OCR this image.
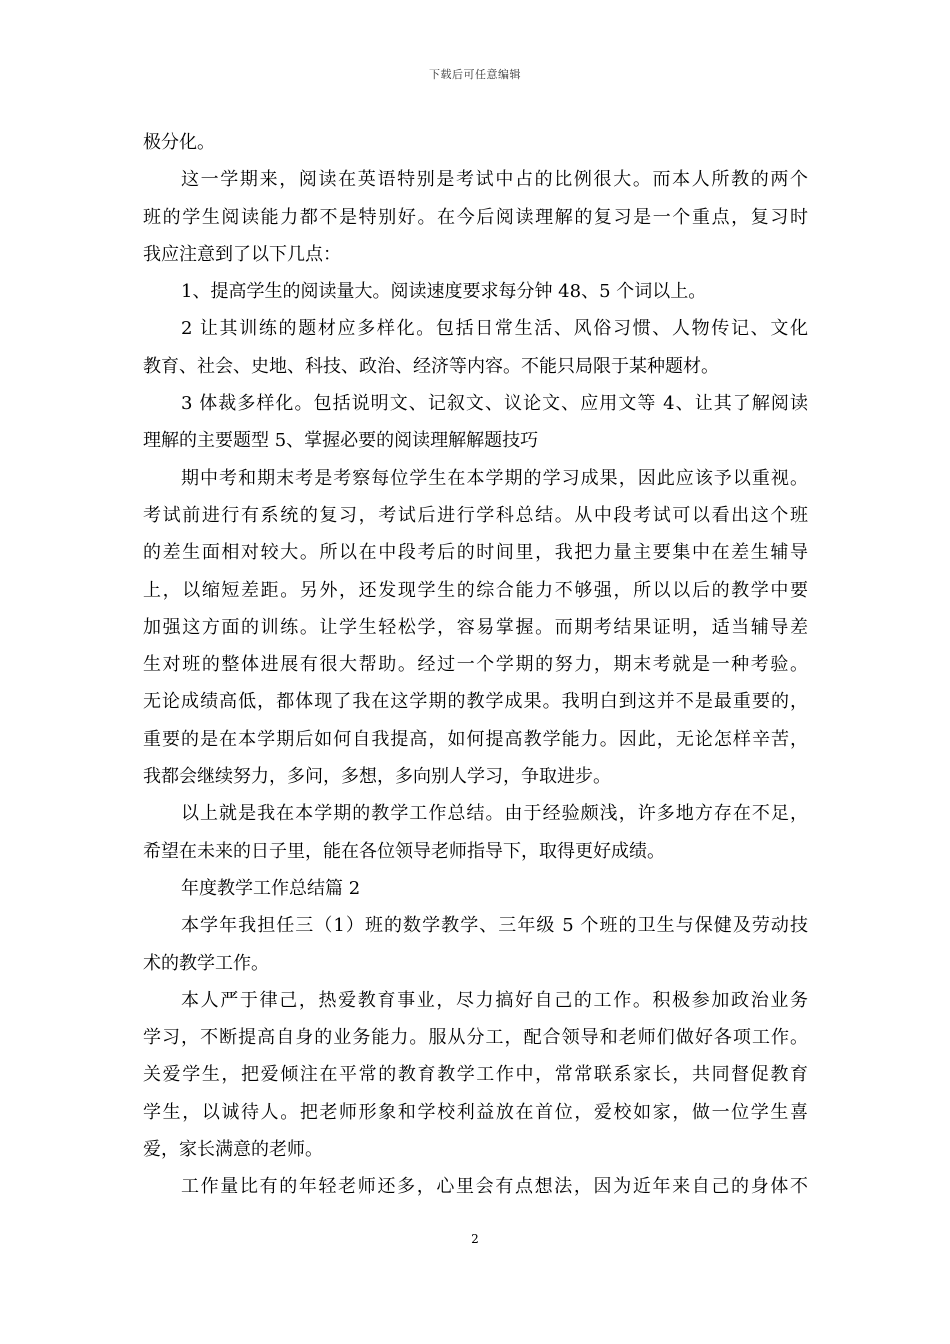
下载后可任意编辑
极分化。
这一学期来，阅读在英语特别是考试中占的比例很大。而本人所教的两个
班的学生阅读能力都不是特别好。在今后阅读理解的复习是一个重点，复习时
我应注意到了以下几点：
1、提高学生的阅读量大。阅读速度要求每分钟 48、5 个词以上。
2 让其训练的题材应多样化。包括日常生活、风俗习惯、人物传记、文化
教育、社会、史地、科技、政治、经济等内容。不能只局限于某种题材。
3 体裁多样化。包括说明文、记叙文、议论文、应用文等 4、让其了解阅读
理解的主要题型 5、掌握必要的阅读理解解题技巧
期中考和期末考是考察每位学生在本学期的学习成果，因此应该予以重视。
考试前进行有系统的复习，考试后进行学科总结。从中段考试可以看出这个班
的差生面相对较大。所以在中段考后的时间里，我把力量主要集中在差生辅导
上，以缩短差距。另外，还发现学生的综合能力不够强，所以以后的教学中要
加强这方面的训练。让学生轻松学，容易掌握。而期考结果证明，适当辅导差
生对班的整体进展有很大帮助。经过一个学期的努力，期末考就是一种考验。
无论成绩高低，都体现了我在这学期的教学成果。我明白到这并不是最重要的，
重要的是在本学期后如何自我提高，如何提高教学能力。因此，无论怎样辛苦，
我都会继续努力，多问，多想，多向别人学习，争取进步。
以上就是我在本学期的教学工作总结。由于经验颇浅，许多地方存在不足，
希望在未来的日子里，能在各位领导老师指导下，取得更好成绩。
年度教学工作总结篇 2
本学年我担任三（1）班的数学教学、三年级 5 个班的卫生与保健及劳动技
术的教学工作。
本人严于律己，热爱教育事业，尽力搞好自己的工作。积极参加政治业务
学习，不断提高自身的业务能力。服从分工，配合领导和老师们做好各项工作。
关爱学生，把爱倾注在平常的教育教学工作中，常常联系家长，共同督促教育
学生，以诚待人。把老师形象和学校利益放在首位，爱校如家，做一位学生喜
爱，家长满意的老师。
工作量比有的年轻老师还多，心里会有点想法，因为近年来自己的身体不
2
